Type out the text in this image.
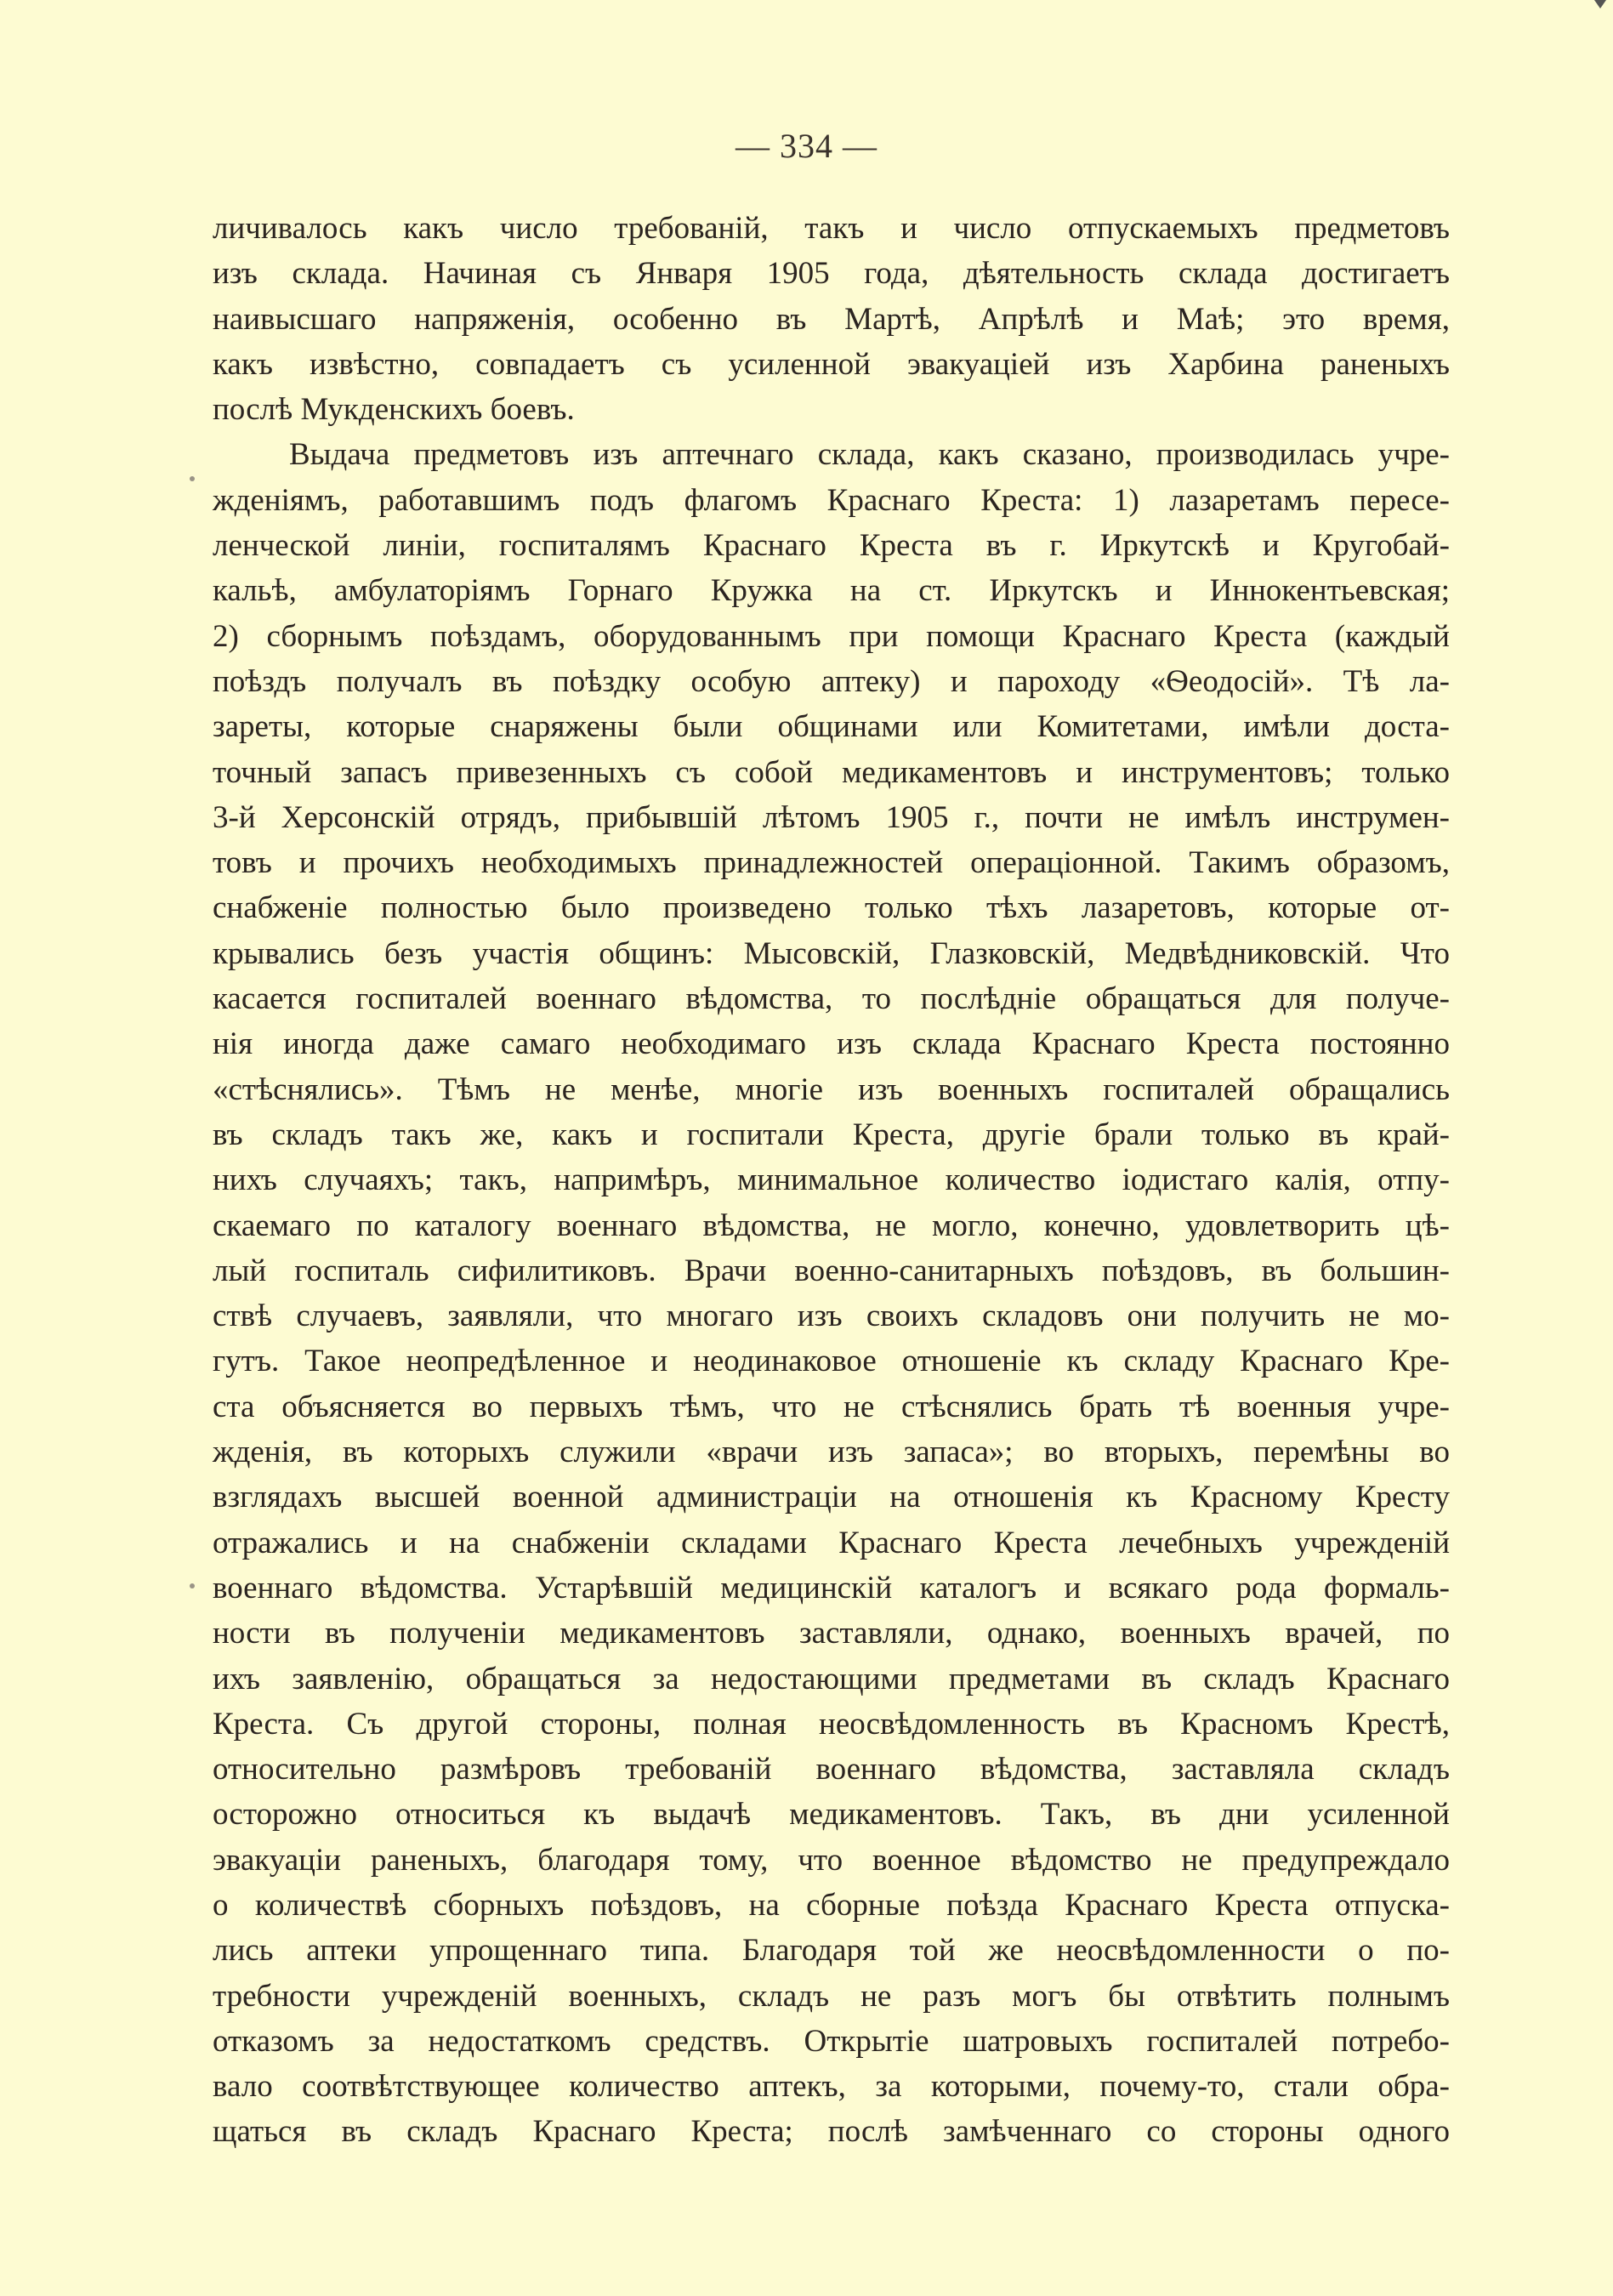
— 334 —
личивалось какъ число требованій, такъ и число отпускаемыхъ предметовъ
изъ склада. Начиная съ Января 1905 года, дѣятельность склада достигаетъ
наивысшаго напряженія, особенно въ Мартѣ, Апрѣлѣ и Маѣ; это время,
какъ извѣстно, совпадаетъ съ усиленной эвакуаціей изъ Харбина раненыхъ
послѣ Мукденскихъ боевъ.
Выдача предметовъ изъ аптечнаго склада, какъ сказано, производилась учре-
жденіямъ, работавшимъ подъ флагомъ Краснаго Креста: 1) лазаретамъ пересе-
ленческой линіи, госпиталямъ Краснаго Креста въ г. Иркутскѣ и Кругобай-
кальѣ, амбулаторіямъ Горнаго Кружка на ст. Иркутскъ и Иннокентьевская;
2) сборнымъ поѣздамъ, оборудованнымъ при помощи Краснаго Креста (каждый
поѣздъ получалъ въ поѣздку особую аптеку) и пароходу «Ѳеодосій». Тѣ ла-
зареты, которые снаряжены были общинами или Комитетами, имѣли доста-
точный запасъ привезенныхъ съ собой медикаментовъ и инструментовъ; только
3-й Херсонскій отрядъ, прибывшій лѣтомъ 1905 г., почти не имѣлъ инструмен-
товъ и прочихъ необходимыхъ принадлежностей операціонной. Такимъ образомъ,
снабженіе полностью было произведено только тѣхъ лазаретовъ, которые от-
крывались безъ участія общинъ: Мысовскій, Глазковскій, Медвѣдниковскій. Что
касается госпиталей военнаго вѣдомства, то послѣдніе обращаться для получе-
нія иногда даже самаго необходимаго изъ склада Краснаго Креста постоянно
«стѣснялись». Тѣмъ не менѣе, многіе изъ военныхъ госпиталей обращались
въ складъ такъ же, какъ и госпитали Креста, другіе брали только въ край-
нихъ случаяхъ; такъ, напримѣръ, минимальное количество іодистаго калія, отпу-
скаемаго по каталогу военнаго вѣдомства, не могло, конечно, удовлетворить цѣ-
лый госпиталь сифилитиковъ. Врачи военно-санитарныхъ поѣздовъ, въ большин-
ствѣ случаевъ, заявляли, что многаго изъ своихъ складовъ они получить не мо-
гутъ. Такое неопредѣленное и неодинаковое отношеніе къ складу Краснаго Кре-
ста объясняется во первыхъ тѣмъ, что не стѣснялись брать тѣ военныя учре-
жденія, въ которыхъ служили «врачи изъ запаса»; во вторыхъ, перемѣны во
взглядахъ высшей военной администраціи на отношенія къ Красному Кресту
отражались и на снабженіи складами Краснаго Креста лечебныхъ учрежденій
военнаго вѣдомства. Устарѣвшій медицинскій каталогъ и всякаго рода формаль-
ности въ полученіи медикаментовъ заставляли, однако, военныхъ врачей, по
ихъ заявленію, обращаться за недостающими предметами въ складъ Краснаго
Креста. Съ другой стороны, полная неосвѣдомленность въ Красномъ Крестѣ,
относительно размѣровъ требованій военнаго вѣдомства, заставляла складъ
осторожно относиться къ выдачѣ медикаментовъ. Такъ, въ дни усиленной
эвакуаціи раненыхъ, благодаря тому, что военное вѣдомство не предупреждало
о количествѣ сборныхъ поѣздовъ, на сборные поѣзда Краснаго Креста отпуска-
лись аптеки упрощеннаго типа. Благодаря той же неосвѣдомленности о по-
требности учрежденій военныхъ, складъ не разъ могъ бы отвѣтить полнымъ
отказомъ за недостаткомъ средствъ. Открытіе шатровыхъ госпиталей потребо-
вало соотвѣтствующее количество аптекъ, за которыми, почему-то, стали обра-
щаться въ складъ Краснаго Креста; послѣ замѣченнаго со стороны одного
